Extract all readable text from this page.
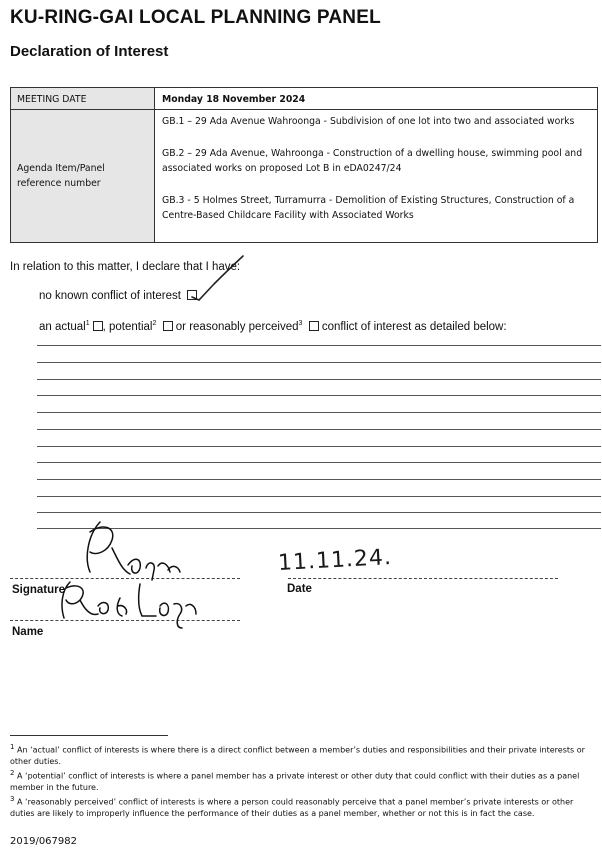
KU-RING-GAI LOCAL PLANNING PANEL
Declaration of Interest
MEETING DATE	Monday 18 November 2024
Agenda Item/Panel reference number

GB.1 – 29 Ada Avenue Wahroonga - Subdivision of one lot into two and associated works

GB.2 – 29 Ada Avenue, Wahroonga - Construction of a dwelling house, swimming pool and associated works on proposed Lot B in eDA0247/24

GB.3 - 5 Holmes Street, Turramurra - Demolition of Existing Structures, Construction of a Centre-Based Childcare Facility with Associated Works

In relation to this matter, I declare that I have:
no known conflict of interest
an actual$^1$ , potential$^2$  or reasonably perceived$^3$  conflict of interest as detailed below:
Signature	Date
Name
11.11.24.

$^1$ An ‘actual’ conflict of interests is where there is a direct conflict between a member’s duties and responsibilities and their private interests or other duties.

$^2$ A ‘potential’ conflict of interests is where a panel member has a private interest or other duty that could conflict with their duties as a panel member in the future.

$^3$ A ‘reasonably perceived’ conflict of interests is where a person could reasonably perceive that a panel member’s private interests or other duties are likely to improperly influence the performance of their duties as a panel member, whether or not this is in fact the case.

2019/067982
